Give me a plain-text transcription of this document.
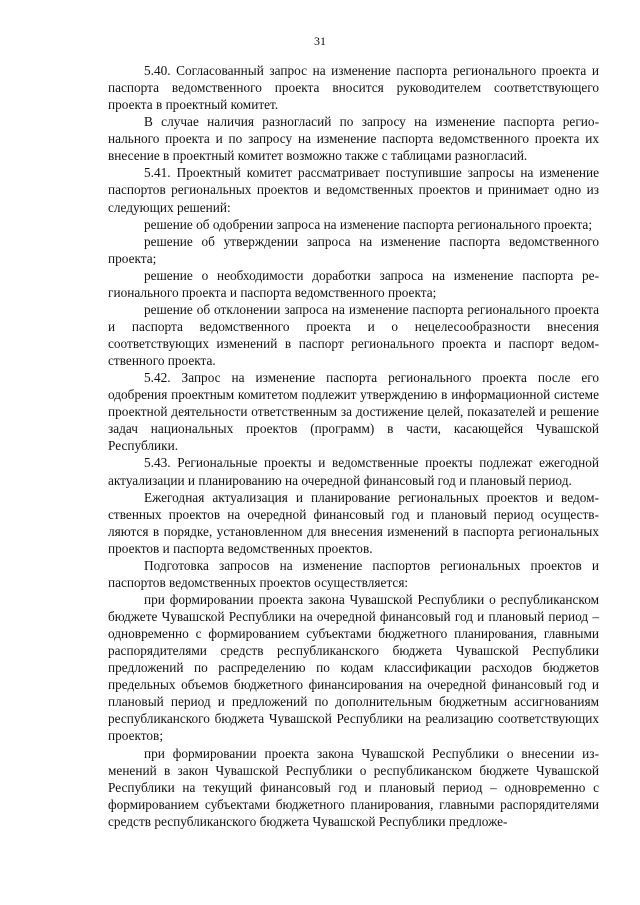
31

5.40. Согласованный запрос на изменение паспорта регионального проекта и паспорта ведомственного проекта вносится руководителем соответствующего проекта в проектный комитет.

В случае наличия разногласий по запросу на изменение паспорта регионального проекта и по запросу на изменение паспорта ведомственного проекта их внесение в проектный комитет возможно также с таблицами разногласий.

5.41. Проектный комитет рассматривает поступившие запросы на изменение паспортов региональных проектов и ведомственных проектов и принимает одно из следующих решений:

решение об одобрении запроса на изменение паспорта регионального проекта;

решение об утверждении запроса на изменение паспорта ведомственного проекта;

решение о необходимости доработки запроса на изменение паспорта регионального проекта и паспорта ведомственного проекта;

решение об отклонении запроса на изменение паспорта регионального проекта и паспорта ведомственного проекта и о нецелесообразности внесения соответствующих изменений в паспорт регионального проекта и паспорт ведомственного проекта.

5.42. Запрос на изменение паспорта регионального проекта после его одобрения проектным комитетом подлежит утверждению в информационной системе проектной деятельности ответственным за достижение целей, показателей и решение задач национальных проектов (программ) в части, касающейся Чувашской Республики.

5.43. Региональные проекты и ведомственные проекты подлежат ежегодной актуализации и планированию на очередной финансовый год и плановый период.

Ежегодная актуализация и планирование региональных проектов и ведомственных проектов на очередной финансовый год и плановый период осуществляются в порядке, установленном для внесения изменений в паспорта региональных проектов и паспорта ведомственных проектов.

Подготовка запросов на изменение паспортов региональных проектов и паспортов ведомственных проектов осуществляется:

при формировании проекта закона Чувашской Республики о республиканском бюджете Чувашской Республики на очередной финансовый год и плановый период – одновременно с формированием субъектами бюджетного планирования, главными распорядителями средств республиканского бюджета Чувашской Республики предложений по распределению по кодам классификации расходов бюджетов предельных объемов бюджетного финансирования на очередной финансовый год и плановый период и предложений по дополнительным бюджетным ассигнованиям республиканского бюджета Чувашской Республики на реализацию соответствующих проектов;

при формировании проекта закона Чувашской Республики о внесении изменений в закон Чувашской Республики о республиканском бюджете Чувашской Республики на текущий финансовый год и плановый период – одновременно с формированием субъектами бюджетного планирования, главными распорядителями средств республиканского бюджета Чувашской Республики предложе-
